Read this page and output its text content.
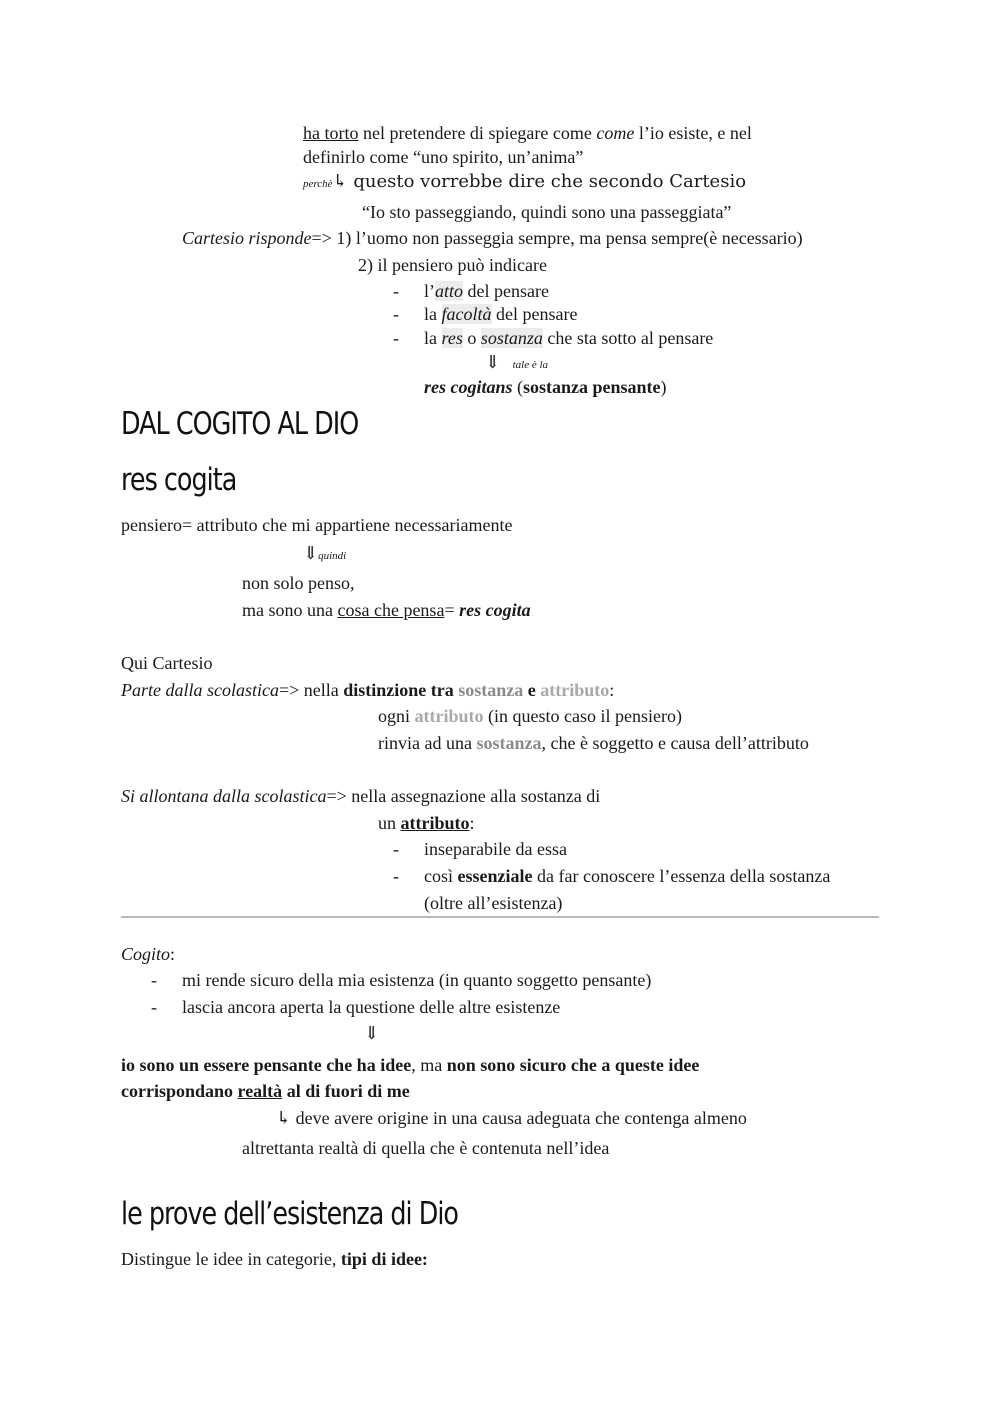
ha torto nel pretendere di spiegare come come l’io esiste, e nel
definirlo come “uno spirito, un’anima”
perchè↳ questo vorrebbe dire che secondo Cartesio
“Io sto passeggiando, quindi sono una passeggiata”
Cartesio risponde=> 1) l’uomo non passeggia sempre, ma pensa sempre(è necessario)
2) il pensiero può indicare
- l’atto del pensare
- la facoltà del pensare
- la res o sostanza che sta sotto al pensare
⇓ tale è la
res cogitans (sostanza pensante)
DAL COGITO AL DIO
res cogita
pensiero= attributo che mi appartiene necessariamente
⇓quindi
non solo penso,
ma sono una cosa che pensa= res cogita
Qui Cartesio
Parte dalla scolastica=> nella distinzione tra sostanza e attributo:
ogni attributo (in questo caso il pensiero)
rinvia ad una sostanza, che è soggetto e causa dell’attributo
Si allontana dalla scolastica=> nella assegnazione alla sostanza di
un attributo:
- inseparabile da essa
- così essenziale da far conoscere l’essenza della sostanza
(oltre all’esistenza)
Cogito:
- mi rende sicuro della mia esistenza (in quanto soggetto pensante)
- lascia ancora aperta la questione delle altre esistenze
⇓
io sono un essere pensante che ha idee, ma non sono sicuro che a queste idee
corrispondano realtà al di fuori di me
↳ deve avere origine in una causa adeguata che contenga almeno
altrettanta realtà di quella che è contenuta nell’idea
le prove dell’esistenza di Dio
Distingue le idee in categorie, tipi di idee:
